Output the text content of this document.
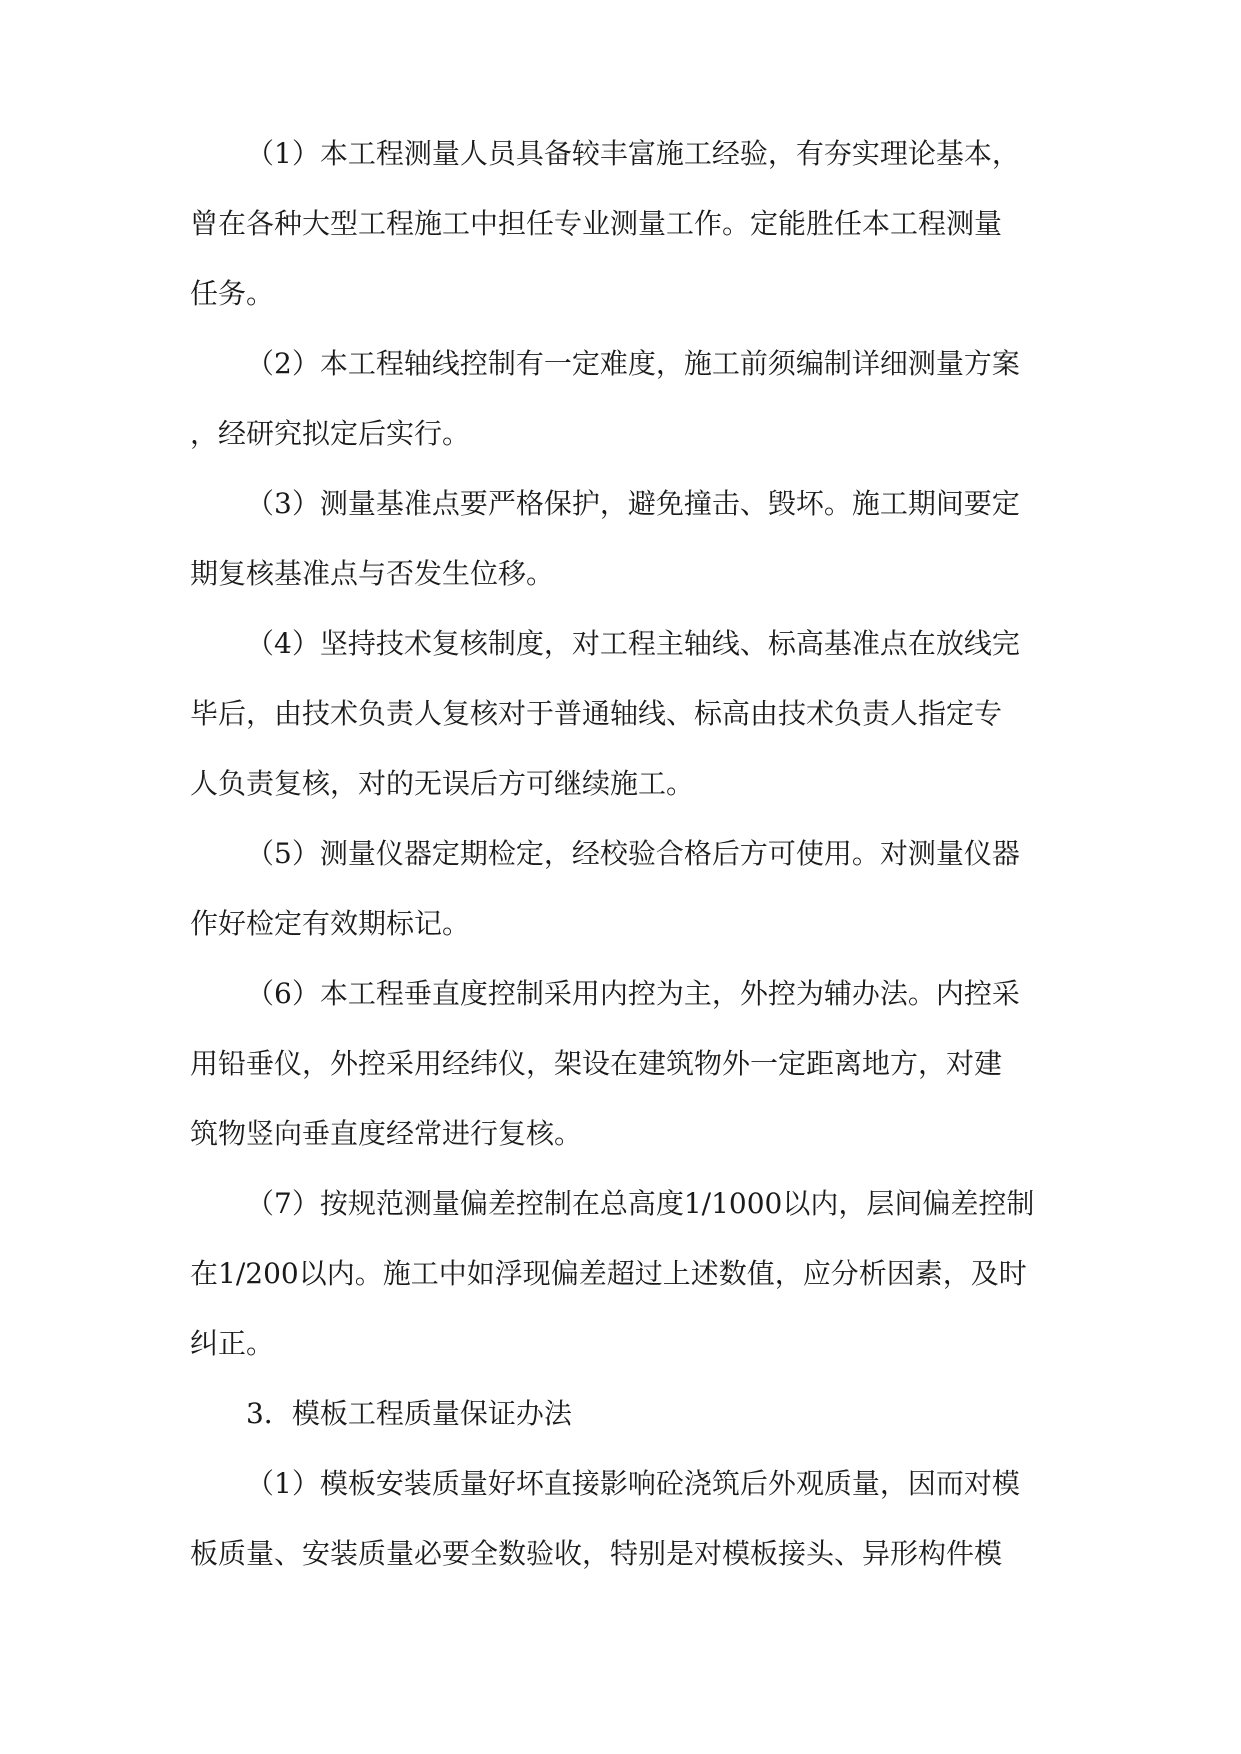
（1）本工程测量人员具备较丰富施工经验，有夯实理论基本，
曾在各种大型工程施工中担任专业测量工作。定能胜任本工程测量
任务。
（2）本工程轴线控制有一定难度，施工前须编制详细测量方案
，经研究拟定后实行。
（3）测量基准点要严格保护，避免撞击、毁坏。施工期间要定
期复核基准点与否发生位移。
（4）坚持技术复核制度，对工程主轴线、标高基准点在放线完
毕后，由技术负责人复核对于普通轴线、标高由技术负责人指定专
人负责复核，对的无误后方可继续施工。
（5）测量仪器定期检定，经校验合格后方可使用。对测量仪器
作好检定有效期标记。
（6）本工程垂直度控制采用内控为主，外控为辅办法。内控采
用铅垂仪，外控采用经纬仪，架设在建筑物外一定距离地方，对建
筑物竖向垂直度经常进行复核。
（7）按规范测量偏差控制在总高度1/1000以内，层间偏差控制
在1/200以内。施工中如浮现偏差超过上述数值，应分析因素，及时
纠正。
3．模板工程质量保证办法
（1）模板安装质量好坏直接影响砼浇筑后外观质量，因而对模
板质量、安装质量必要全数验收，特别是对模板接头、异形构件模
